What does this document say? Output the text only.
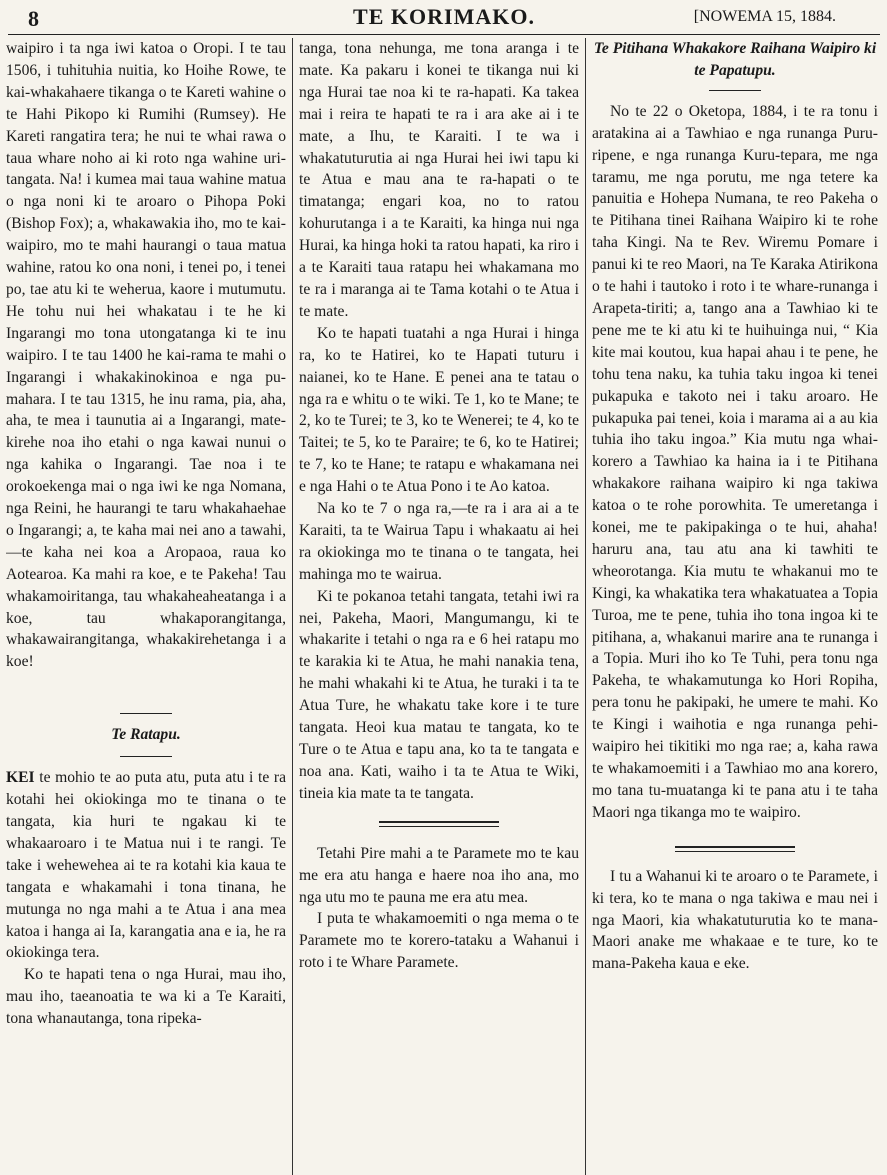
8	TE KORIMAKO.	[NOWEMA 15, 1884.

waipiro i ta nga iwi katoa o Oropi. I te tau 1506, i tuhituhia nuitia, ko Hoihe Rowe, te kai-whakahaere tikanga o te Kareti wahine o te Hahi Pikopo ki Rumihi (Rumsey). He Kareti rangatira tera; he nui te whai rawa o taua whare noho ai ki roto nga wahine uri-tangata. Na! i kumea mai taua wahine matua o nga noni ki te aroaro o Pihopa Poki (Bishop Fox); a, whakawakia iho, mo te kai-waipiro, mo te mahi haurangi o taua matua wahine, ratou ko ona noni, i tenei po, i tenei po, tae atu ki te weherua, kaore i mutumutu. He tohu nui hei whakatau i te he ki Ingarangi mo tona utongatanga ki te inu waipiro. I te tau 1400 he kai-rama te mahi o Ingarangi i whakakinokinoa e nga pu-mahara. I te tau 1315, he inu rama, pia, aha, aha, te mea i taunutia ai a Ingarangi, mate-kirehe noa iho etahi o nga kawai nunui o nga kahika o Ingarangi. Tae noa i te orokoekenga mai o nga iwi ke nga Nomana, nga Reini, he haurangi te taru whakahaehae o Ingarangi; a, te kaha mai nei ano a tawahi,—te kaha nei koa a Aropaoa, raua ko Aotearoa. Ka mahi ra koe, e te Pakeha! Tau whakamoiritanga, tau whakaheaheatanga i a koe, tau whakaporangitanga, whakawairangitanga, whakakirehetanga i a koe!

Te Ratapu.

KEI te mohio te ao puta atu, puta atu i te ra kotahi hei okiokinga mo te tinana o te tangata, kia huri te ngakau ki te whakaaroaro i te Matua nui i te rangi. Te take i wehewehea ai te ra kotahi kia kaua te tangata e whakamahi i tona tinana, he mutunga no nga mahi a te Atua i ana mea katoa i hanga ai Ia, karangatia ana e ia, he ra okiokinga tera.

Ko te hapati tena o nga Hurai, mau iho, mau iho, taeanoatia te wa ki a Te Karaiti, tona whanautanga, tona ripeka-

tanga, tona nehunga, me tona aranga i te mate. Ka pakaru i konei te tikanga nui ki nga Hurai tae noa ki te ra-hapati. Ka takea mai i reira te hapati te ra i ara ake ai i te mate, a Ihu, te Karaiti. I te wa i whakatuturutia ai nga Hurai hei iwi tapu ki te Atua e mau ana te ra-hapati o te timatanga; engari koa, no to ratou kohurutanga i a te Karaiti, ka hinga nui nga Hurai, ka hinga hoki ta ratou hapati, ka riro i a te Karaiti taua ratapu hei whakamana mo te ra i maranga ai te Tama kotahi o te Atua i te mate.

Ko te hapati tuatahi a nga Hurai i hinga ra, ko te Hatirei, ko te Hapati tuturu i naianei, ko te Hane. E penei ana te tatau o nga ra e whitu o te wiki. Te 1, ko te Mane; te 2, ko te Turei; te 3, ko te Wenerei; te 4, ko te Taitei; te 5, ko te Paraire; te 6, ko te Hatirei; te 7, ko te Hane; te ratapu e whakamana nei e nga Hahi o te Atua Pono i te Ao katoa.

Na ko te 7 o nga ra,—te ra i ara ai a te Karaiti, ta te Wairua Tapu i whakaatu ai hei ra okiokinga mo te tinana o te tangata, hei mahinga mo te wairua.

Ki te pokanoa tetahi tangata, tetahi iwi ra nei, Pakeha, Maori, Mangumangu, ki te whakarite i tetahi o nga ra e 6 hei ratapu mo te karakia ki te Atua, he mahi nanakia tena, he mahi whakahi ki te Atua, he turaki i ta te Atua Ture, he whakatu take kore i te ture tangata. Heoi kua matau te tangata, ko te Ture o te Atua e tapu ana, ko ta te tangata e noa ana. Kati, waiho i ta te Atua te Wiki, tineia kia mate ta te tangata.

Tetahi Pire mahi a te Paramete mo te kau me era atu hanga e haere noa iho ana, mo nga utu mo te pauna me era atu mea.

I puta te whakamoemiti o nga mema o te Paramete mo te korero-tataku a Wahanui i roto i te Whare Paramete.

Te Pitihana Whakakore Raihana Waipiro ki te Papatupu.

No te 22 o Oketopa, 1884, i te ra tonu i aratakina ai a Tawhiao e nga runanga Puru-ripene, e nga runanga Kuru-tepara, me nga taramu, me nga porutu, me nga tetere ka panuitia e Hohepa Numana, te reo Pakeha o te Pitihana tinei Raihana Waipiro ki te rohe taha Kingi. Na te Rev. Wiremu Pomare i panui ki te reo Maori, na Te Karaka Atirikona o te hahi i tautoko i roto i te whare-runanga i Arapeta-tiriti; a, tango ana a Tawhiao ki te pene me te ki atu ki te huihuinga nui, “ Kia kite mai koutou, kua hapai ahau i te pene, he tohu tena naku, ka tuhia taku ingoa ki tenei pukapuka e takoto nei i taku aroaro. He pukapuka pai tenei, koia i marama ai a au kia tuhia iho taku ingoa.” Kia mutu nga whai-korero a Tawhiao ka haina ia i te Pitihana whakakore raihana waipiro ki nga takiwa katoa o te rohe porowhita. Te umeretanga i konei, me te pakipakinga o te hui, ahaha! haruru ana, tau atu ana ki tawhiti te wheorotanga. Kia mutu te whakanui mo te Kingi, ka whakatika tera whakatuatea a Topia Turoa, me te pene, tuhia iho tona ingoa ki te pitihana, a, whakanui marire ana te runanga i a Topia. Muri iho ko Te Tuhi, pera tonu nga Pakeha, te whakamutunga ko Hori Ropiha, pera tonu he pakipaki, he umere te mahi. Ko te Kingi i waihotia e nga runanga pehi-waipiro hei tikitiki mo nga rae; a, kaha rawa te whakamoemiti i a Tawhiao mo ana korero, mo tana tu-muatanga ki te pana atu i te taha Maori nga tikanga mo te waipiro.

I tu a Wahanui ki te aroaro o te Paramete, i ki tera, ko te mana o nga takiwa e mau nei i nga Maori, kia whakatuturutia ko te mana-Maori anake me whakaae e te ture, ko te mana-Pakeha kaua e eke.
